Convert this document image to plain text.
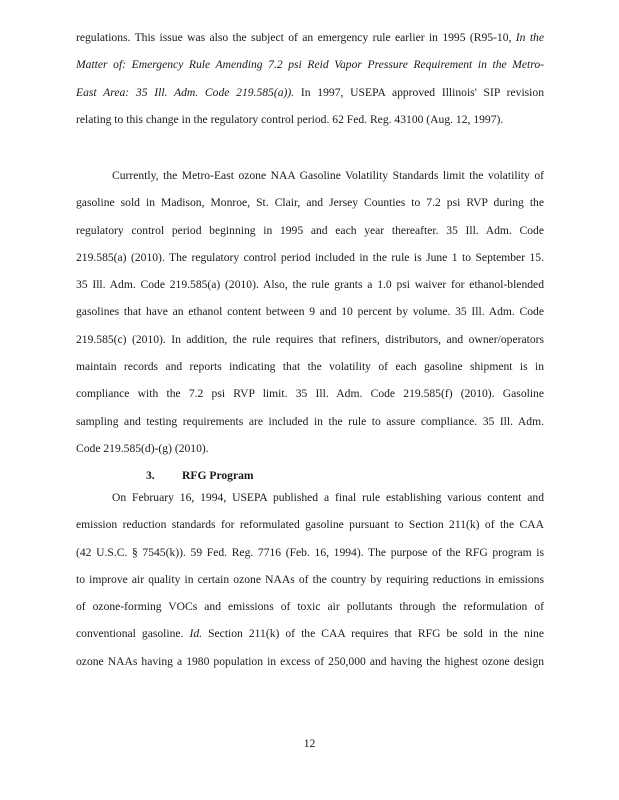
regulations. This issue was also the subject of an emergency rule earlier in 1995 (R95-10, In the
Matter of: Emergency Rule Amending 7.2 psi Reid Vapor Pressure Requirement in the Metro-
East Area: 35 Ill. Adm. Code 219.585(a)). In 1997, USEPA approved Illinois' SIP revision
relating to this change in the regulatory control period. 62 Fed. Reg. 43100 (Aug. 12, 1997).

Currently, the Metro-East ozone NAA Gasoline Volatility Standards limit the volatility of
gasoline sold in Madison, Monroe, St. Clair, and Jersey Counties to 7.2 psi RVP during the
regulatory control period beginning in 1995 and each year thereafter. 35 Ill. Adm. Code
219.585(a) (2010). The regulatory control period included in the rule is June 1 to September 15.
35 Ill. Adm. Code 219.585(a) (2010). Also, the rule grants a 1.0 psi waiver for ethanol-blended
gasolines that have an ethanol content between 9 and 10 percent by volume. 35 Ill. Adm. Code
219.585(c) (2010). In addition, the rule requires that refiners, distributors, and owner/operators
maintain records and reports indicating that the volatility of each gasoline shipment is in
compliance with the 7.2 psi RVP limit. 35 Ill. Adm. Code 219.585(f) (2010). Gasoline
sampling and testing requirements are included in the rule to assure compliance. 35 Ill. Adm.
Code 219.585(d)-(g) (2010).

3. RFG Program

On February 16, 1994, USEPA published a final rule establishing various content and
emission reduction standards for reformulated gasoline pursuant to Section 211(k) of the CAA
(42 U.S.C. § 7545(k)). 59 Fed. Reg. 7716 (Feb. 16, 1994). The purpose of the RFG program is
to improve air quality in certain ozone NAAs of the country by requiring reductions in emissions
of ozone-forming VOCs and emissions of toxic air pollutants through the reformulation of
conventional gasoline. Id. Section 211(k) of the CAA requires that RFG be sold in the nine
ozone NAAs having a 1980 population in excess of 250,000 and having the highest ozone design

12
